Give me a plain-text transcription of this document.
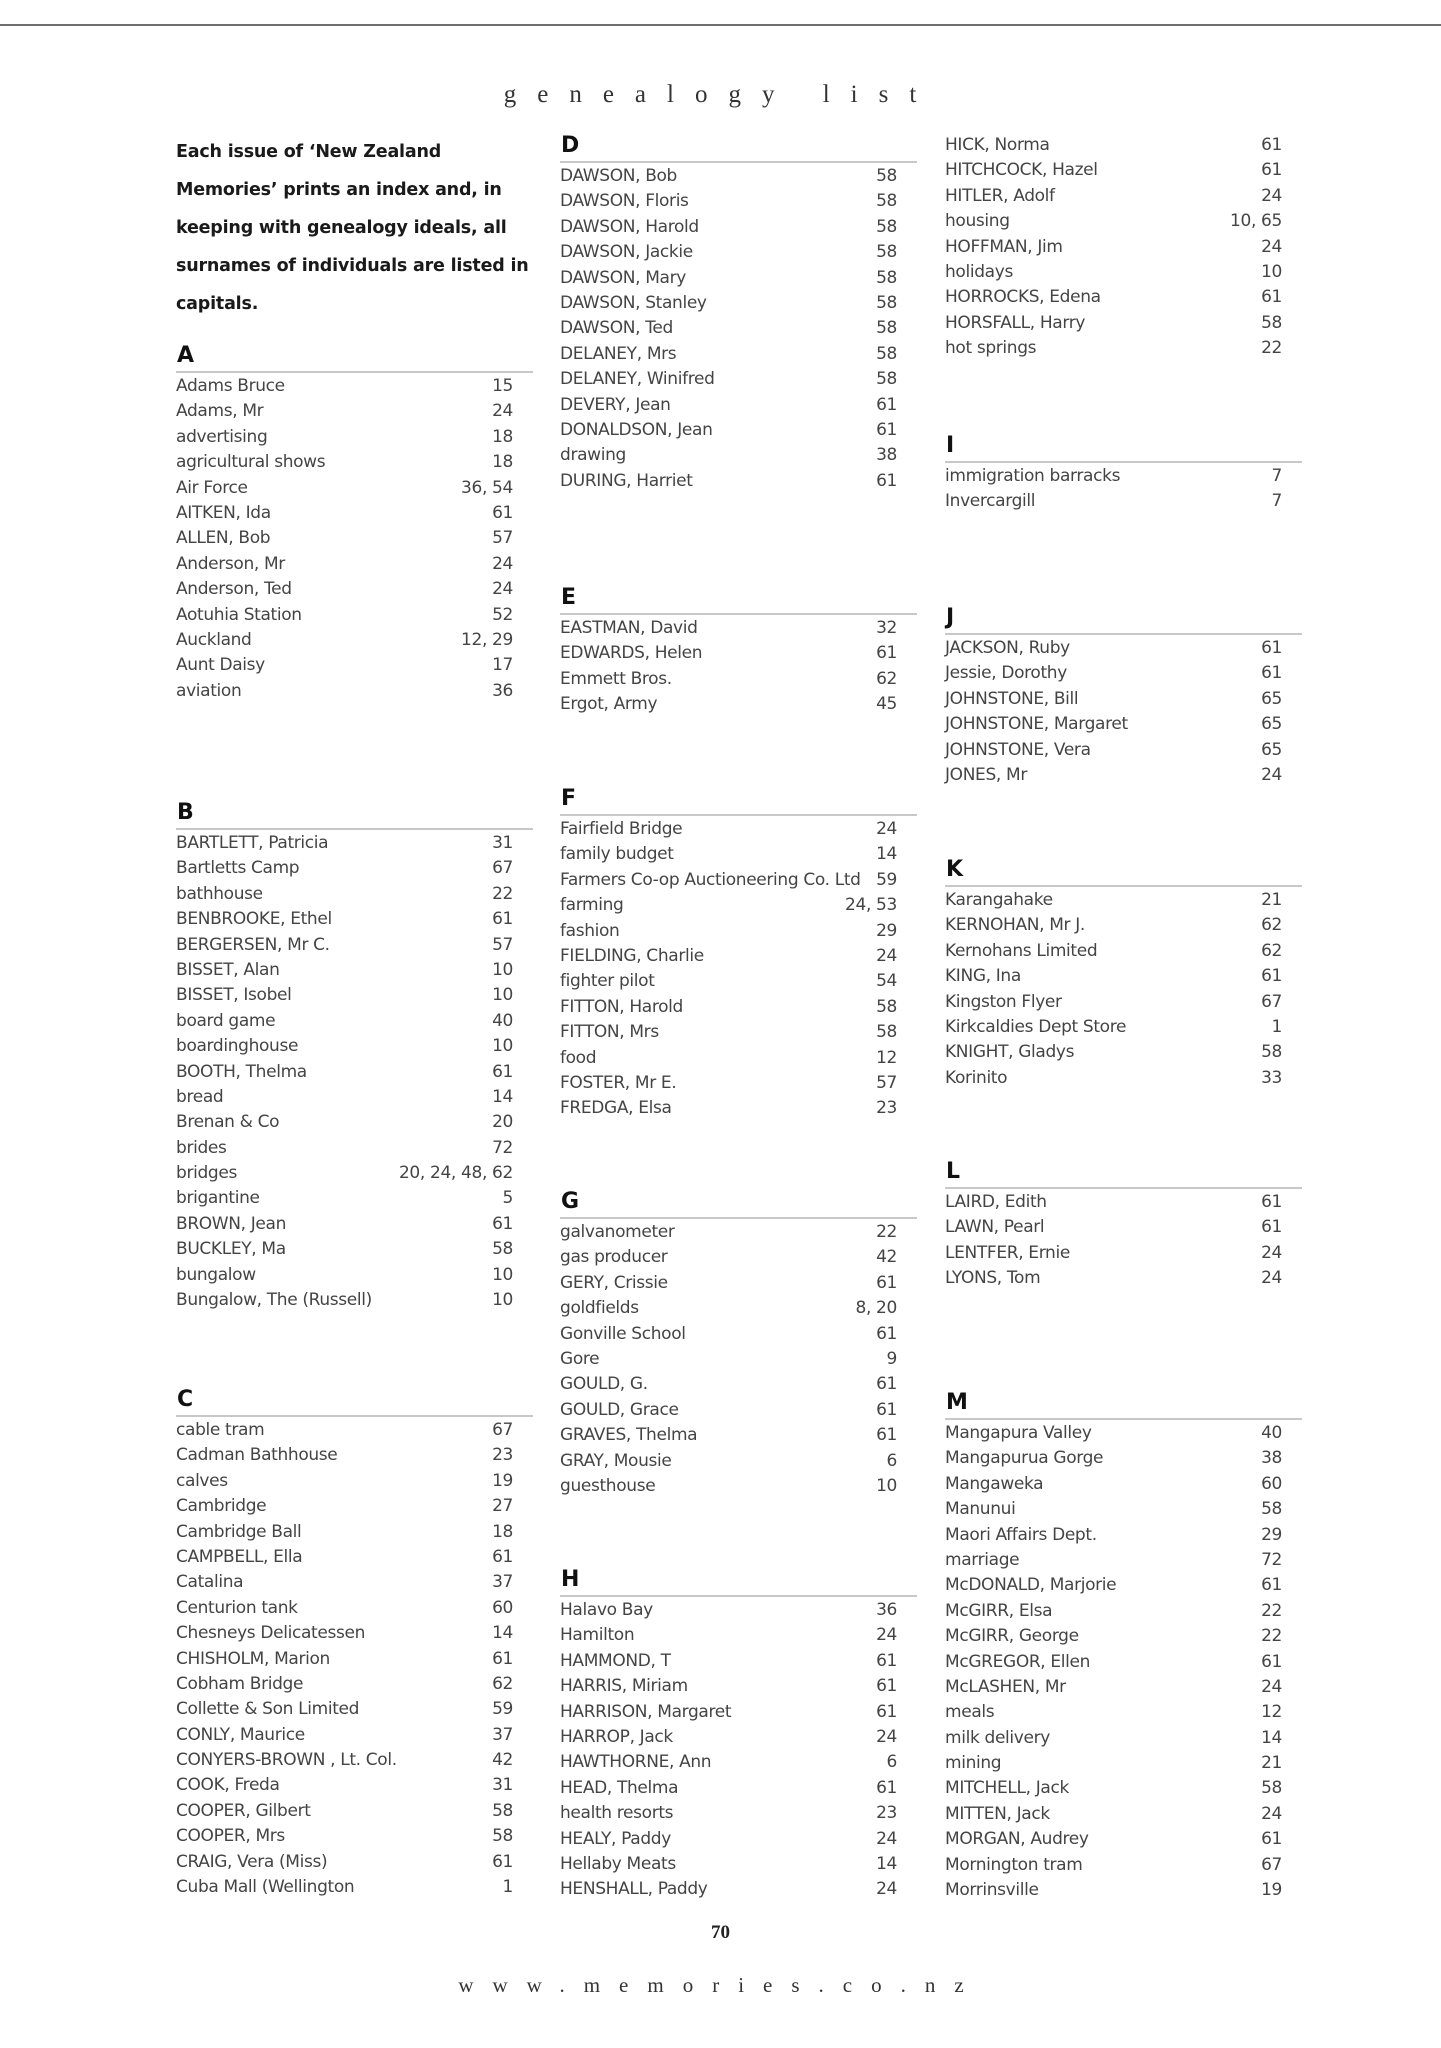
genealogy list

Each issue of ‘New Zealand Memories’ prints an index and, in keeping with genealogy ideals, all surnames of individuals are listed in capitals.

A
Adams Bruce	15
Adams, Mr	24
advertising	18
agricultural shows	18
Air Force	36, 54
AITKEN, Ida	61
ALLEN, Bob	57
Anderson, Mr	24
Anderson, Ted	24
Aotuhia Station	52
Auckland	12, 29
Aunt Daisy	17
aviation	36
B
BARTLETT, Patricia	31
Bartletts Camp	67
bathhouse	22
BENBROOKE, Ethel	61
BERGERSEN, Mr C.	57
BISSET, Alan	10
BISSET, Isobel	10
board game	40
boardinghouse	10
BOOTH, Thelma	61
bread	14
Brenan & Co	20
brides	72
bridges	20, 24, 48, 62
brigantine	5
BROWN, Jean	61
BUCKLEY, Ma	58
bungalow	10
Bungalow, The (Russell)	10
C
cable tram	67
Cadman Bathhouse	23
calves	19
Cambridge	27
Cambridge Ball	18
CAMPBELL, Ella	61
Catalina	37
Centurion tank	60
Chesneys Delicatessen	14
CHISHOLM, Marion	61
Cobham Bridge	62
Collette & Son Limited	59
CONLY, Maurice	37
CONYERS-BROWN , Lt. Col.	42
COOK, Freda	31
COOPER, Gilbert	58
COOPER, Mrs	58
CRAIG, Vera (Miss)	61
Cuba Mall (Wellington	1
D
DAWSON, Bob	58
DAWSON, Floris	58
DAWSON, Harold	58
DAWSON, Jackie	58
DAWSON, Mary	58
DAWSON, Stanley	58
DAWSON, Ted	58
DELANEY, Mrs	58
DELANEY, Winifred	58
DEVERY, Jean	61
DONALDSON, Jean	61
drawing	38
DURING, Harriet	61
E
EASTMAN, David	32
EDWARDS, Helen	61
Emmett Bros.	62
Ergot, Army	45
F
Fairfield Bridge	24
family budget	14
Farmers Co-op Auctioneering Co. Ltd 59
farming	24, 53
fashion	29
FIELDING, Charlie	24
fighter pilot	54
FITTON, Harold	58
FITTON, Mrs	58
food	12
FOSTER, Mr E.	57
FREDGA, Elsa	23
G
galvanometer	22
gas producer	42
GERY, Crissie	61
goldfields	8, 20
Gonville School	61
Gore	9
GOULD, G.	61
GOULD, Grace	61
GRAVES, Thelma	61
GRAY, Mousie	6
guesthouse	10
H
Halavo Bay	36
Hamilton	24
HAMMOND, T	61
HARRIS, Miriam	61
HARRISON, Margaret	61
HARROP, Jack	24
HAWTHORNE, Ann	6
HEAD, Thelma	61
health resorts	23
HEALY, Paddy	24
Hellaby Meats	14
HENSHALL, Paddy	24
HICK, Norma	61
HITCHCOCK, Hazel	61
HITLER, Adolf	24
housing	10, 65
HOFFMAN, Jim	24
holidays	10
HORROCKS, Edena	61
HORSFALL, Harry	58
hot springs	22
I
immigration barracks	7
Invercargill	7
J
JACKSON, Ruby	61
Jessie, Dorothy	61
JOHNSTONE, Bill	65
JOHNSTONE, Margaret	65
JOHNSTONE, Vera	65
JONES, Mr	24
K
Karangahake	21
KERNOHAN, Mr J.	62
Kernohans Limited	62
KING, Ina	61
Kingston Flyer	67
Kirkcaldies Dept Store	1
KNIGHT, Gladys	58
Korinito	33
L
LAIRD, Edith	61
LAWN, Pearl	61
LENTFER, Ernie	24
LYONS, Tom	24
M
Mangapura Valley	40
Mangapurua Gorge	38
Mangaweka	60
Manunui	58
Maori Affairs Dept.	29
marriage	72
McDONALD, Marjorie	61
McGIRR, Elsa	22
McGIRR, George	22
McGREGOR, Ellen	61
McLASHEN, Mr	24
meals	12
milk delivery	14
mining	21
MITCHELL, Jack	58
MITTEN, Jack	24
MORGAN, Audrey	61
Mornington tram	67
Morrinsville	19
70
www.memories.co.nz
